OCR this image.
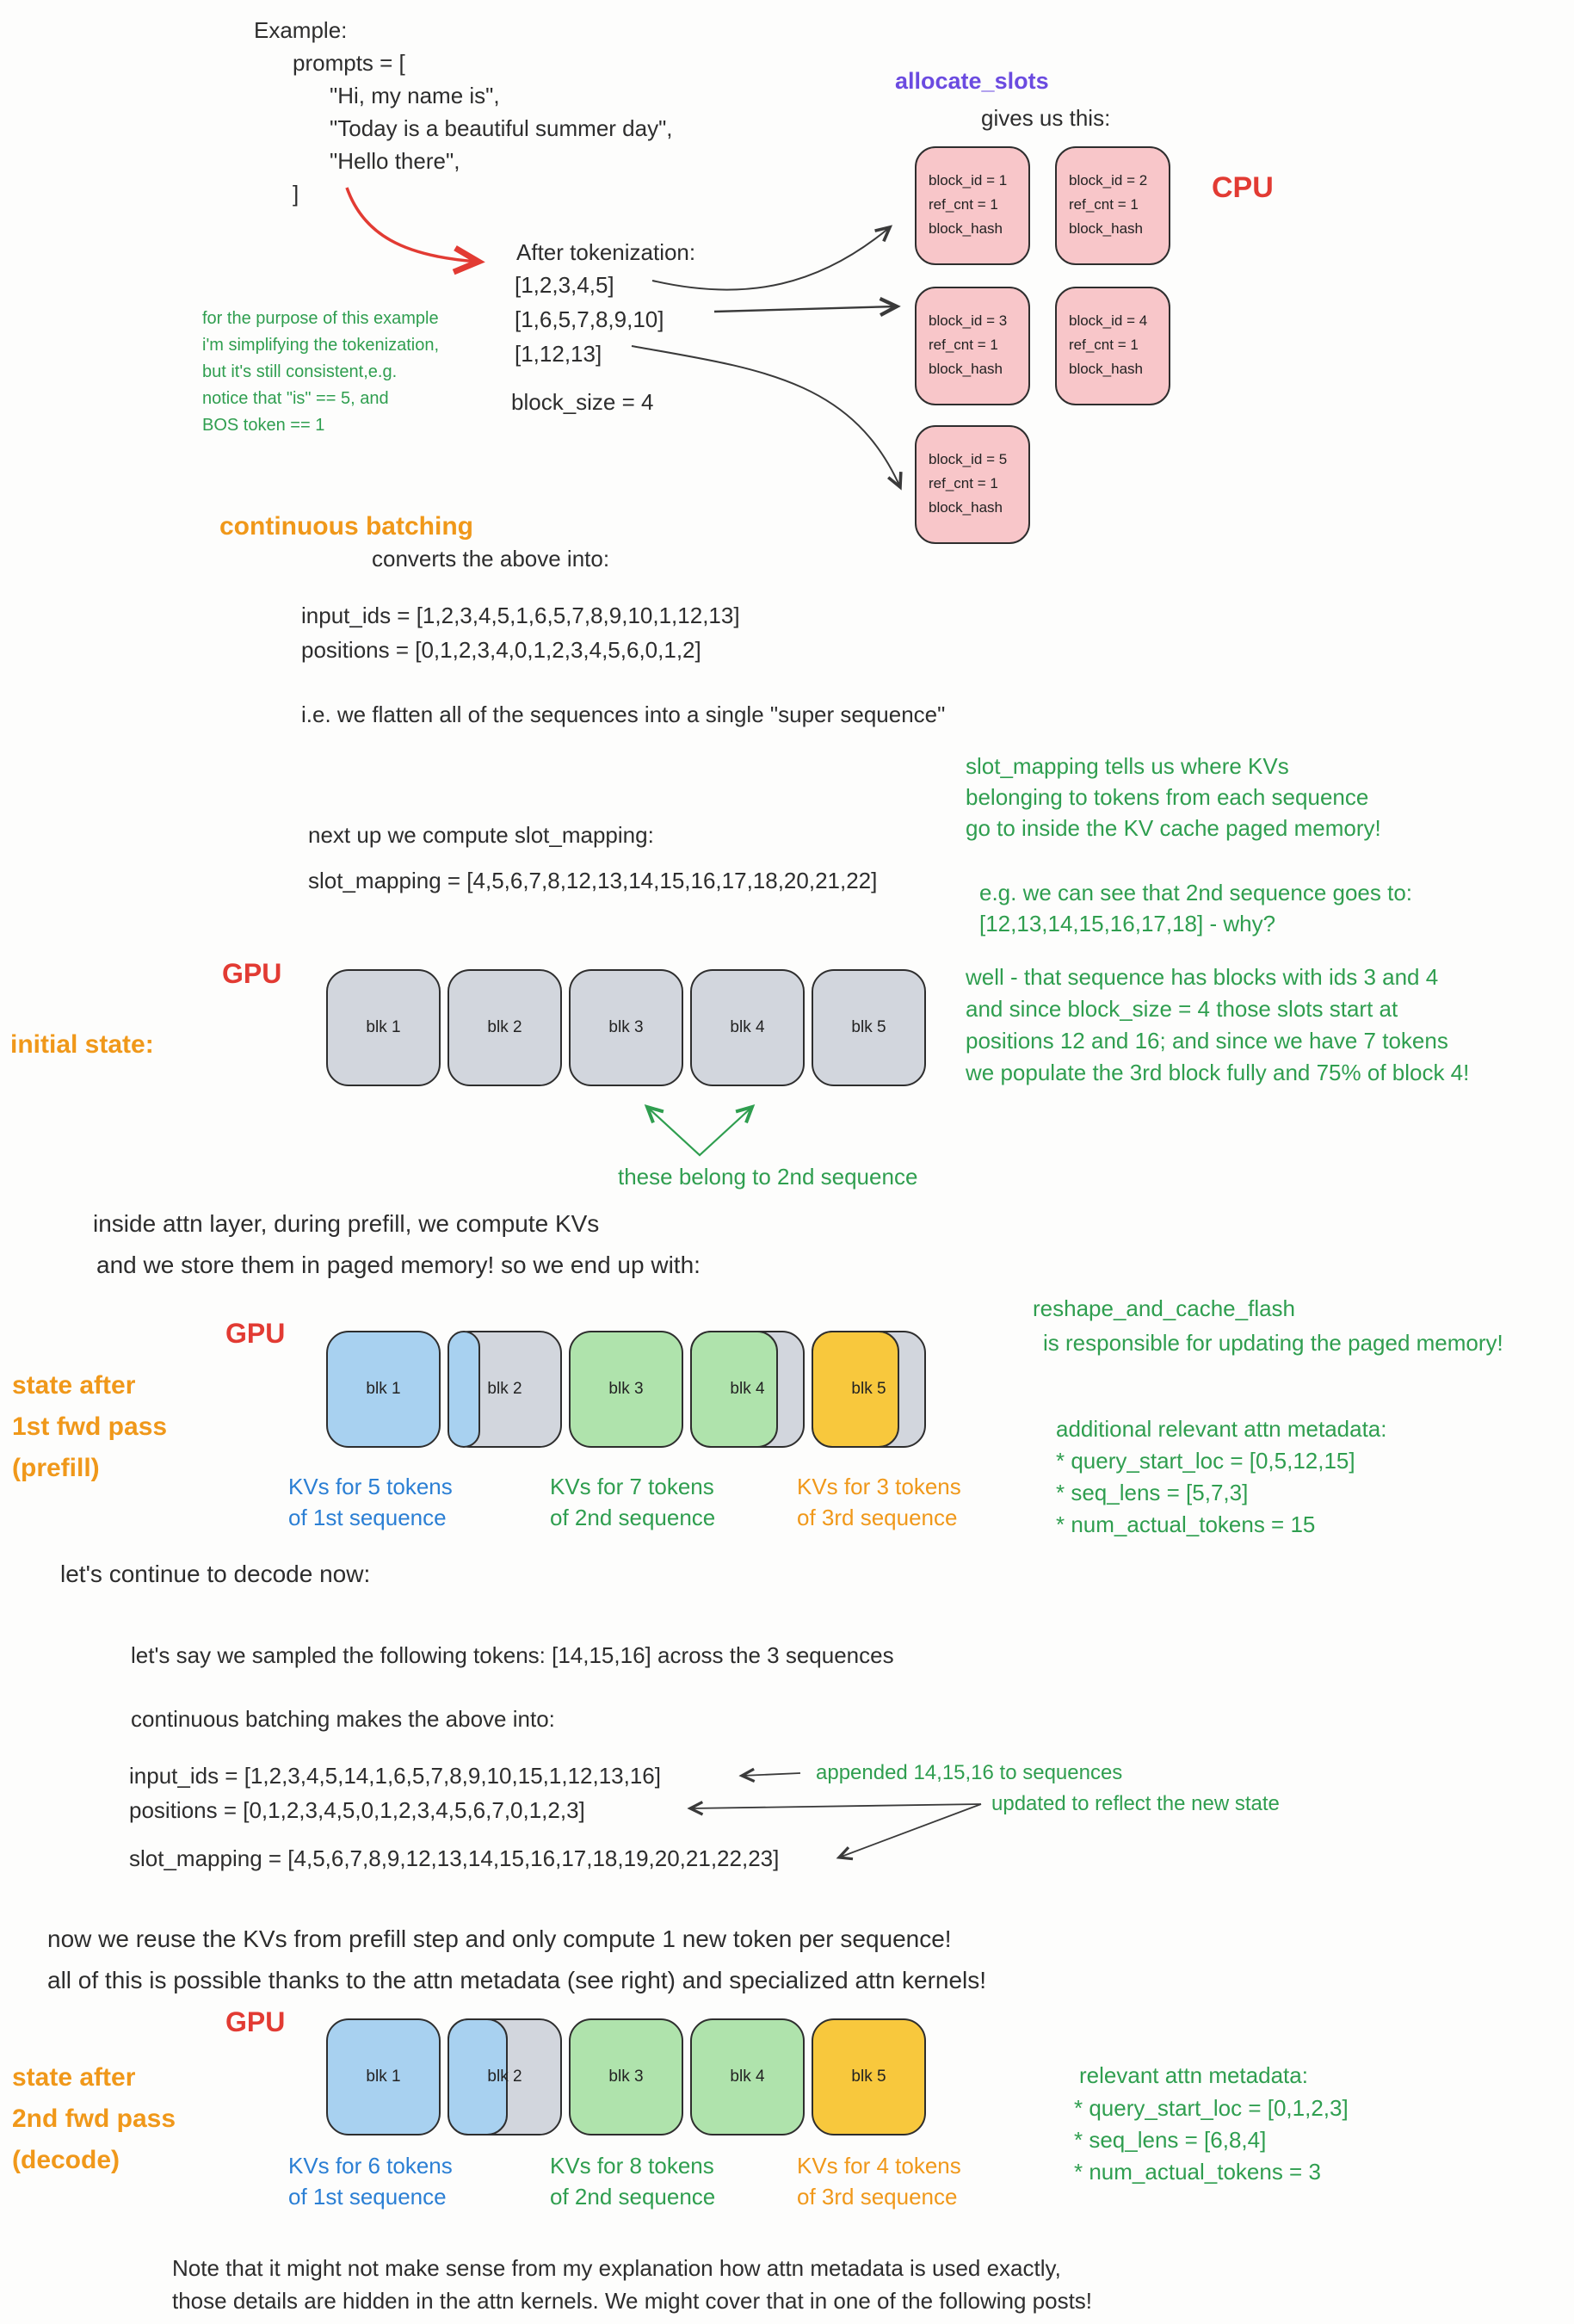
Example:
prompts = [
"Hi, my name is",
"Today is a beautiful summer day",
"Hello there",
]
After tokenization:
[1,2,3,4,5]
[1,6,5,7,8,9,10]
[1,12,13]
block_size = 4
for the purpose of this example
i'm simplifying the tokenization,
but it's still consistent,e.g.
notice that "is" == 5, and
BOS token == 1
allocate_slots
gives us this:
CPU
block_id = 1
ref_cnt = 1
block_hash
block_id = 2
ref_cnt = 1
block_hash
block_id = 3
ref_cnt = 1
block_hash
block_id = 4
ref_cnt = 1
block_hash
block_id = 5
ref_cnt = 1
block_hash
continuous batching
converts the above into:
input_ids = [1,2,3,4,5,1,6,5,7,8,9,10,1,12,13]
positions = [0,1,2,3,4,0,1,2,3,4,5,6,0,1,2]
i.e. we flatten all of the sequences into a single "super sequence"
next up we compute slot_mapping:
slot_mapping = [4,5,6,7,8,12,13,14,15,16,17,18,20,21,22]
slot_mapping tells us where KVs
belonging to tokens from each sequence
go to inside the KV cache paged memory!
e.g. we can see that 2nd sequence goes to:
[12,13,14,15,16,17,18] - why?
GPU
initial state:
blk 1	blk 2	blk 3	blk 4	blk 5
these belong to 2nd sequence
well - that sequence has blocks with ids 3 and 4
and since block_size = 4 those slots start at
positions 12 and 16; and since we have 7 tokens
we populate the 3rd block fully and 75% of block 4!
inside attn layer, during prefill, we compute KVs
and we store them in paged memory! so we end up with:
GPU
state after
1st fwd pass
(prefill)
blk 1	blk 2	blk 3	blk 4	blk 5
KVs for 5 tokens
of 1st sequence
KVs for 7 tokens
of 2nd sequence
KVs for 3 tokens
of 3rd sequence
reshape_and_cache_flash
is responsible for updating the paged memory!
additional relevant attn metadata:
* query_start_loc = [0,5,12,15]
* seq_lens = [5,7,3]
* num_actual_tokens = 15
let's continue to decode now:
let's say we sampled the following tokens: [14,15,16] across the 3 sequences
continuous batching makes the above into:
input_ids = [1,2,3,4,5,14,1,6,5,7,8,9,10,15,1,12,13,16]
positions = [0,1,2,3,4,5,0,1,2,3,4,5,6,7,0,1,2,3]
slot_mapping = [4,5,6,7,8,9,12,13,14,15,16,17,18,19,20,21,22,23]
appended 14,15,16 to sequences
updated to reflect the new state
now we reuse the KVs from prefill step and only compute 1 new token per sequence!
all of this is possible thanks to the attn metadata (see right) and specialized attn kernels!
GPU
state after
2nd fwd pass
(decode)
blk 1	blk 2	blk 3	blk 4	blk 5
KVs for 6 tokens
of 1st sequence
KVs for 8 tokens
of 2nd sequence
KVs for 4 tokens
of 3rd sequence
relevant attn metadata:
* query_start_loc = [0,1,2,3]
* seq_lens = [6,8,4]
* num_actual_tokens = 3
Note that it might not make sense from my explanation how attn metadata is used exactly,
those details are hidden in the attn kernels. We might cover that in one of the following posts!
